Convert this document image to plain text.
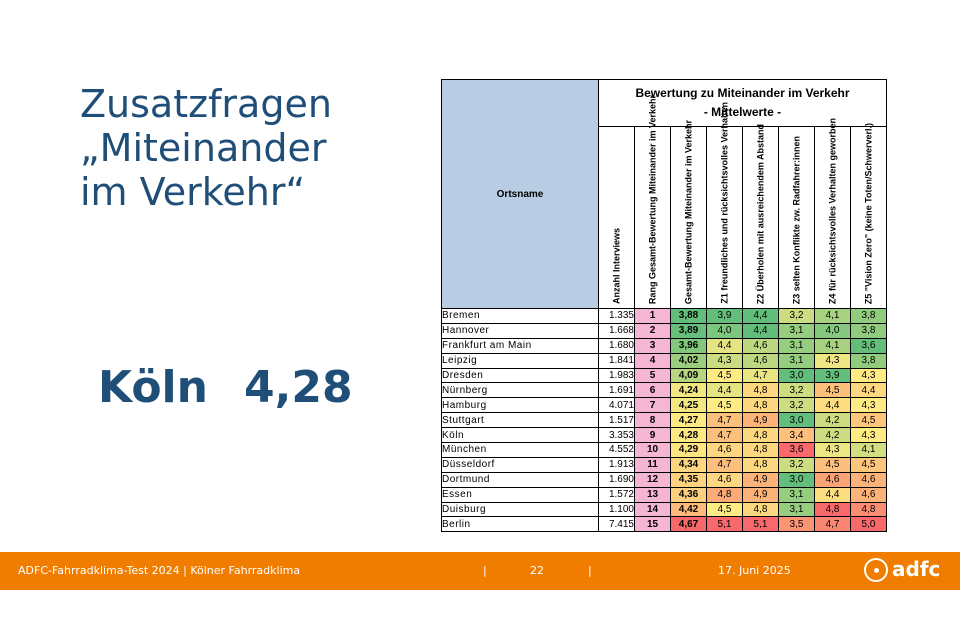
Zusatzfragen
„Miteinander
im Verkehr“
Köln 4,28
Ortsname	Bewertung zu Miteinander im Verkehr
- Mittelwerte -							

	Anzahl Interviews	Rang Gesamt-Bewertung Miteinander im Verkehr	Gesamt-Bewertung Miteinander im Verkehr	Z1 freundliches und rücksichtsvolles Verhalten	Z2 Überholen mit ausreichendem Abstand	Z3 selten Konflikte zw. Radfahrer:innen	Z4 für rücksichtsvolles Verhalten geworben	Z5 "Vision Zero" (keine Toten/Schwerverl.)

Bremen	1.335	1	3,88	3,9	4,4	3,2	4,1	3,8
Hannover	1.668	2	3,89	4,0	4,4	3,1	4,0	3,8
Frankfurt am Main	1.680	3	3,96	4,4	4,6	3,1	4,1	3,6
Leipzig	1.841	4	4,02	4,3	4,6	3,1	4,3	3,8
Dresden	1.983	5	4,09	4,5	4,7	3,0	3,9	4,3
Nürnberg	1.691	6	4,24	4,4	4,8	3,2	4,5	4,4
Hamburg	4.071	7	4,25	4,5	4,8	3,2	4,4	4,3
Stuttgart	1.517	8	4,27	4,7	4,9	3,0	4,2	4,5
Köln	3.353	9	4,28	4,7	4,8	3,4	4,2	4,3
München	4.552	10	4,29	4,6	4,8	3,6	4,3	4,1
Düsseldorf	1.913	11	4,34	4,7	4,8	3,2	4,5	4,5
Dortmund	1.690	12	4,35	4,6	4,9	3,0	4,6	4,6
Essen	1.572	13	4,36	4,8	4,9	3,1	4,4	4,6
Duisburg	1.100	14	4,42	4,5	4,8	3,1	4,8	4,8
Berlin	7.415	15	4,67	5,1	5,1	3,5	4,7	5,0
ADFC-Fahrradklima-Test 2024 | Kölner Fahrradklima	|	22	|	17. Juni 2025	adfc
